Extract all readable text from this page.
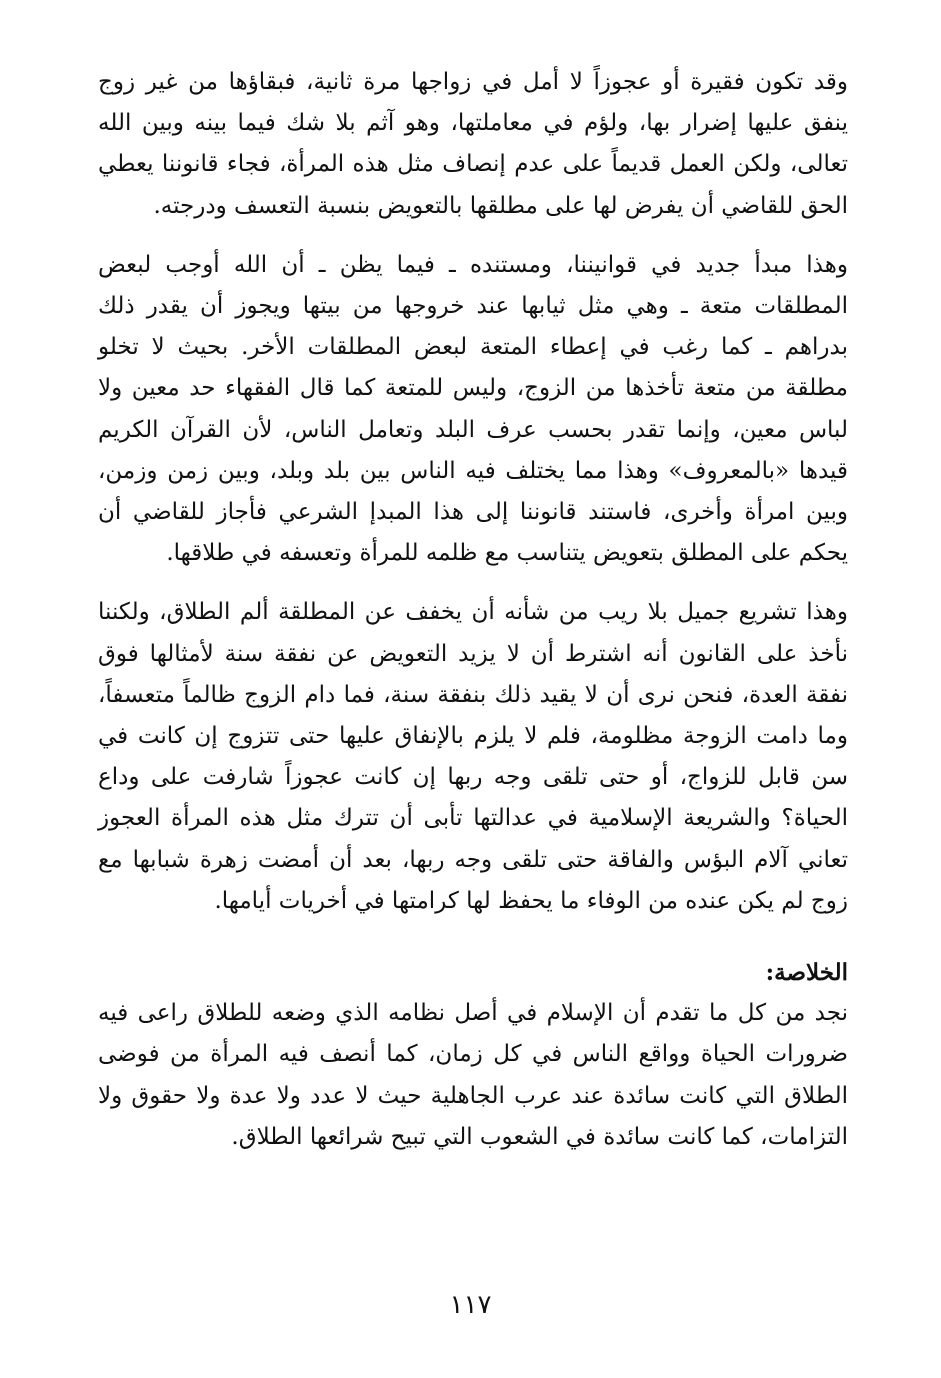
وقد تكون فقيرة أو عجوزاً لا أمل في زواجها مرة ثانية، فبقاؤها من غير زوج ينفق عليها إضرار بها، ولؤم في معاملتها، وهو آثم بلا شك فيما بينه وبين الله تعالى، ولكن العمل قديماً على عدم إنصاف مثل هذه المرأة، فجاء قانوننا يعطي الحق للقاضي أن يفرض لها على مطلقها بالتعويض بنسبة التعسف ودرجته.

وهذا مبدأ جديد في قوانيننا، ومستنده ـ فيما يظن ـ أن الله أوجب لبعض المطلقات متعة ـ وهي مثل ثيابها عند خروجها من بيتها ويجوز أن يقدر ذلك بدراهم ـ كما رغب في إعطاء المتعة لبعض المطلقات الأخر. بحيث لا تخلو مطلقة من متعة تأخذها من الزوج، وليس للمتعة كما قال الفقهاء حد معين ولا لباس معين، وإنما تقدر بحسب عرف البلد وتعامل الناس، لأن القرآن الكريم قيدها «بالمعروف» وهذا مما يختلف فيه الناس بين بلد وبلد، وبين زمن وزمن، وبين امرأة وأخرى، فاستند قانوننا إلى هذا المبدإ الشرعي فأجاز للقاضي أن يحكم على المطلق بتعويض يتناسب مع ظلمه للمرأة وتعسفه في طلاقها.

وهذا تشريع جميل بلا ريب من شأنه أن يخفف عن المطلقة ألم الطلاق، ولكننا نأخذ على القانون أنه اشترط أن لا يزيد التعويض عن نفقة سنة لأمثالها فوق نفقة العدة، فنحن نرى أن لا يقيد ذلك بنفقة سنة، فما دام الزوج ظالماً متعسفاً، وما دامت الزوجة مظلومة، فلم لا يلزم بالإنفاق عليها حتى تتزوج إن كانت في سن قابل للزواج، أو حتى تلقى وجه ربها إن كانت عجوزاً شارفت على وداع الحياة؟ والشريعة الإسلامية في عدالتها تأبى أن تترك مثل هذه المرأة العجوز تعاني آلام البؤس والفاقة حتى تلقى وجه ربها، بعد أن أمضت زهرة شبابها مع زوج لم يكن عنده من الوفاء ما يحفظ لها كرامتها في أخريات أيامها.

الخلاصة:

نجد من كل ما تقدم أن الإسلام في أصل نظامه الذي وضعه للطلاق راعى فيه ضرورات الحياة وواقع الناس في كل زمان، كما أنصف فيه المرأة من فوضى الطلاق التي كانت سائدة عند عرب الجاهلية حيث لا عدد ولا عدة ولا حقوق ولا التزامات، كما كانت سائدة في الشعوب التي تبيح شرائعها الطلاق.

١١٧
